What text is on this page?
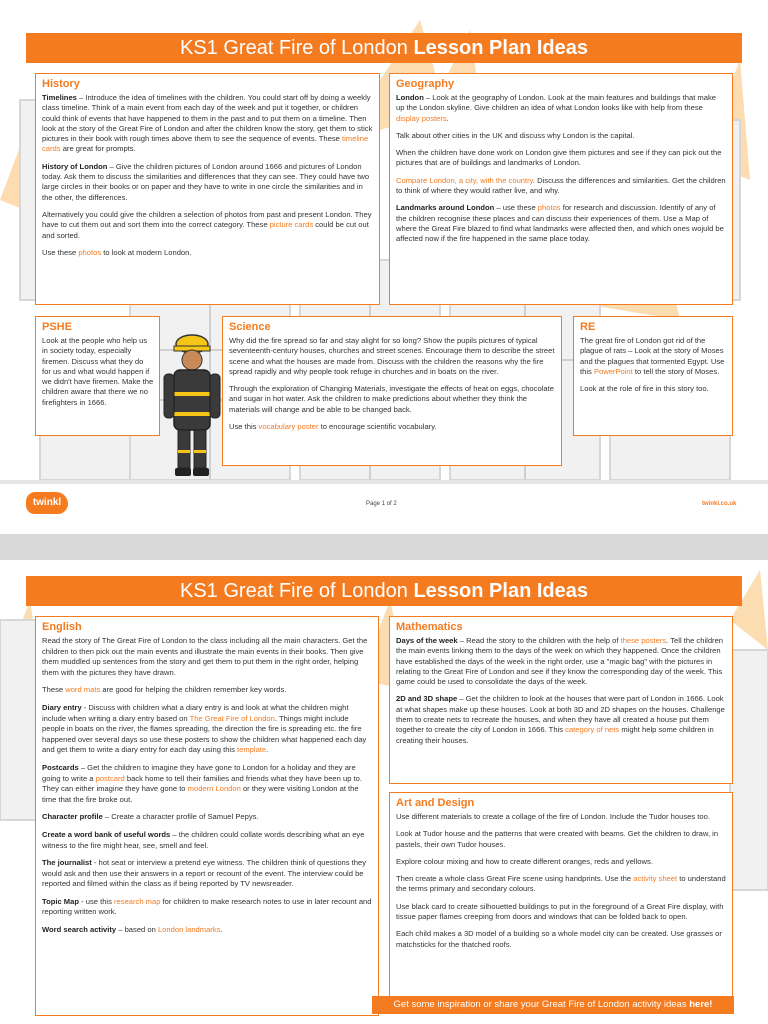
KS1 Great Fire of London Lesson Plan Ideas
History

Timelines – Introduce the idea of timelines with the children. You could start off by doing a weekly class timeline. Think of a main event from each day of the week and put it together, or children could think of events that have happened to them in the past and to put them on a timeline. Then look at the story of the Great Fire of London and after the children know the story, get them to stick pictures in their book with rough times above them to see the sequence of events. These timeline cards are great for prompts.

History of London – Give the children pictures of London around 1666 and pictures of London today. Ask them to discuss the similarities and differences that they can see. They could have two large circles in their books or on paper and they have to write in one circle the similarities and in the other, the differences.

Alternatively you could give the children a selection of photos from past and present London. They have to cut them out and sort them into the correct category. These picture cards could be cut out and sorted.

Use these photos to look at modern London.

Geography

London – Look at the geography of London. Look at the main features and buildings that make up the London skyline. Give children an idea of what London looks like with help from these display posters.

Talk about other cities in the UK and discuss why London is the capital.

When the children have done work on London give them pictures and see if they can pick out the pictures that are of buildings and landmarks of London.

Compare London, a city, with the country. Discuss the differences and similarities. Get the children to think of where they would rather live, and why.

Landmarks around London – use these photos for research and discussion. Identify of any of the children recognise these places and can discuss their experiences of them. Use a Map of where the Great Fire blazed to find what landmarks were affected then, and which ones wojuld be affected now if the fire happened in the same place today.

PSHE

Look at the people who help us in society today, especially firemen. Discuss what they do for us and what would happen if we didn't have firemen. Make the children aware that there we no firefighters in 1666.

Science

Why did the fire spread so far and stay alight for so long? Show the pupils pictures of typical seventeenth-century houses, churches and street scenes. Encourage them to describe the street scene and what the houses are made from. Discuss with the children the reasons why the fire spread rapidly and why people took refuge in churches and in boats on the river.

Through the exploration of Changing Materials, investigate the effects of heat on eggs, chocolate and sugar in hot water. Ask the children to make predictions about whether they think the materials will change and be able to be changed back.

Use this vocabulary poster to encourage scientific vocabulary.

RE

The great fire of London got rid of the plague of rats – Look at the story of Moses and the plagues that tormented Egypt. Use this PowerPoint to tell the story of Moses.

Look at the role of fire in this story too.

twinkl	Page 1 of 2	twinkl.co.uk
KS1 Great Fire of London Lesson Plan Ideas
English

Read the story of The Great Fire of London to the class including all the main characters. Get the children to then pick out the main events and illustrate the main events in their books. Then give them muddled up sentences from the story and get them to put them in the right order, helping them with the pictures they have drawn.

These word mats are good for helping the children remember key words.

Diary entry - Discuss with children what a diary entry is and look at what the children might include when writing a diary entry based on The Great Fire of London. Things might include people in boats on the river, the flames spreading, the direction the fire is spreading etc. the fire happened over several days so use these posters to show the children what happened each day and get them to write a diary entry for each day using this template.

Postcards – Get the children to imagine they have gone to London for a holiday and they are going to write a postcard back home to tell their families and friends what they have been up to. They can either imagine they have gone to modern London or they were visiting London at the time that the fire broke out.

Character profile – Create a character profile of Samuel Pepys.

Create a word bank of useful words – the children could collate words describing what an eye witness to the fire might hear, see, smell and feel.

The journalist - hot seat or interview a pretend eye witness. The children think of questions they would ask and then use their answers in a report or recount of the event. The interview could be reported and filmed within the class as if being reported by TV newsreader.

Topic Map - use this research map for children to make research notes to use in later recount and reporting written work.

Word search activity – based on London landmarks.

Mathematics

Days of the week – Read the story to the children with the help of these posters. Tell the children the main events linking them to the days of the week on which they happened. Once the children have established the days of the week in the right order, use a "magic bag" with the pictures in relating to the Great Fire of London and see if they know the corresponding day of the week. This game could be used to consolidate the days of the week.

2D and 3D shape – Get the children to look at the houses that were part of London in 1666. Look at what shapes make up these houses. Look at both 3D and 2D shapes on the houses. Challenge them to create nets to recreate the houses, and when they have all created a house put them together to create the city of London in 1666. This category of nets might help some children in creating their houses.

Art and Design

Use different materials to create a collage of the fire of London. Include the Tudor houses too.

Look at Tudor house and the patterns that were created with beams. Get the children to draw, in pastels, their own Tudor houses.

Explore colour mixing and how to create different oranges, reds and yellows.

Then create a whole class Great Fire scene using handprints. Use the activity sheet to understand the terms primary and secondary colours.

Use black card to create silhouetted buildings to put in the foreground of a Great Fire display, with tissue paper flames creeping from doors and windows that can be folded back to open.

Each child makes a 3D model of a building so a whole model city can be created. Use grasses or matchsticks for the thatched roofs.

Get some inspiration or share your Great Fire of London activity ideas here!
